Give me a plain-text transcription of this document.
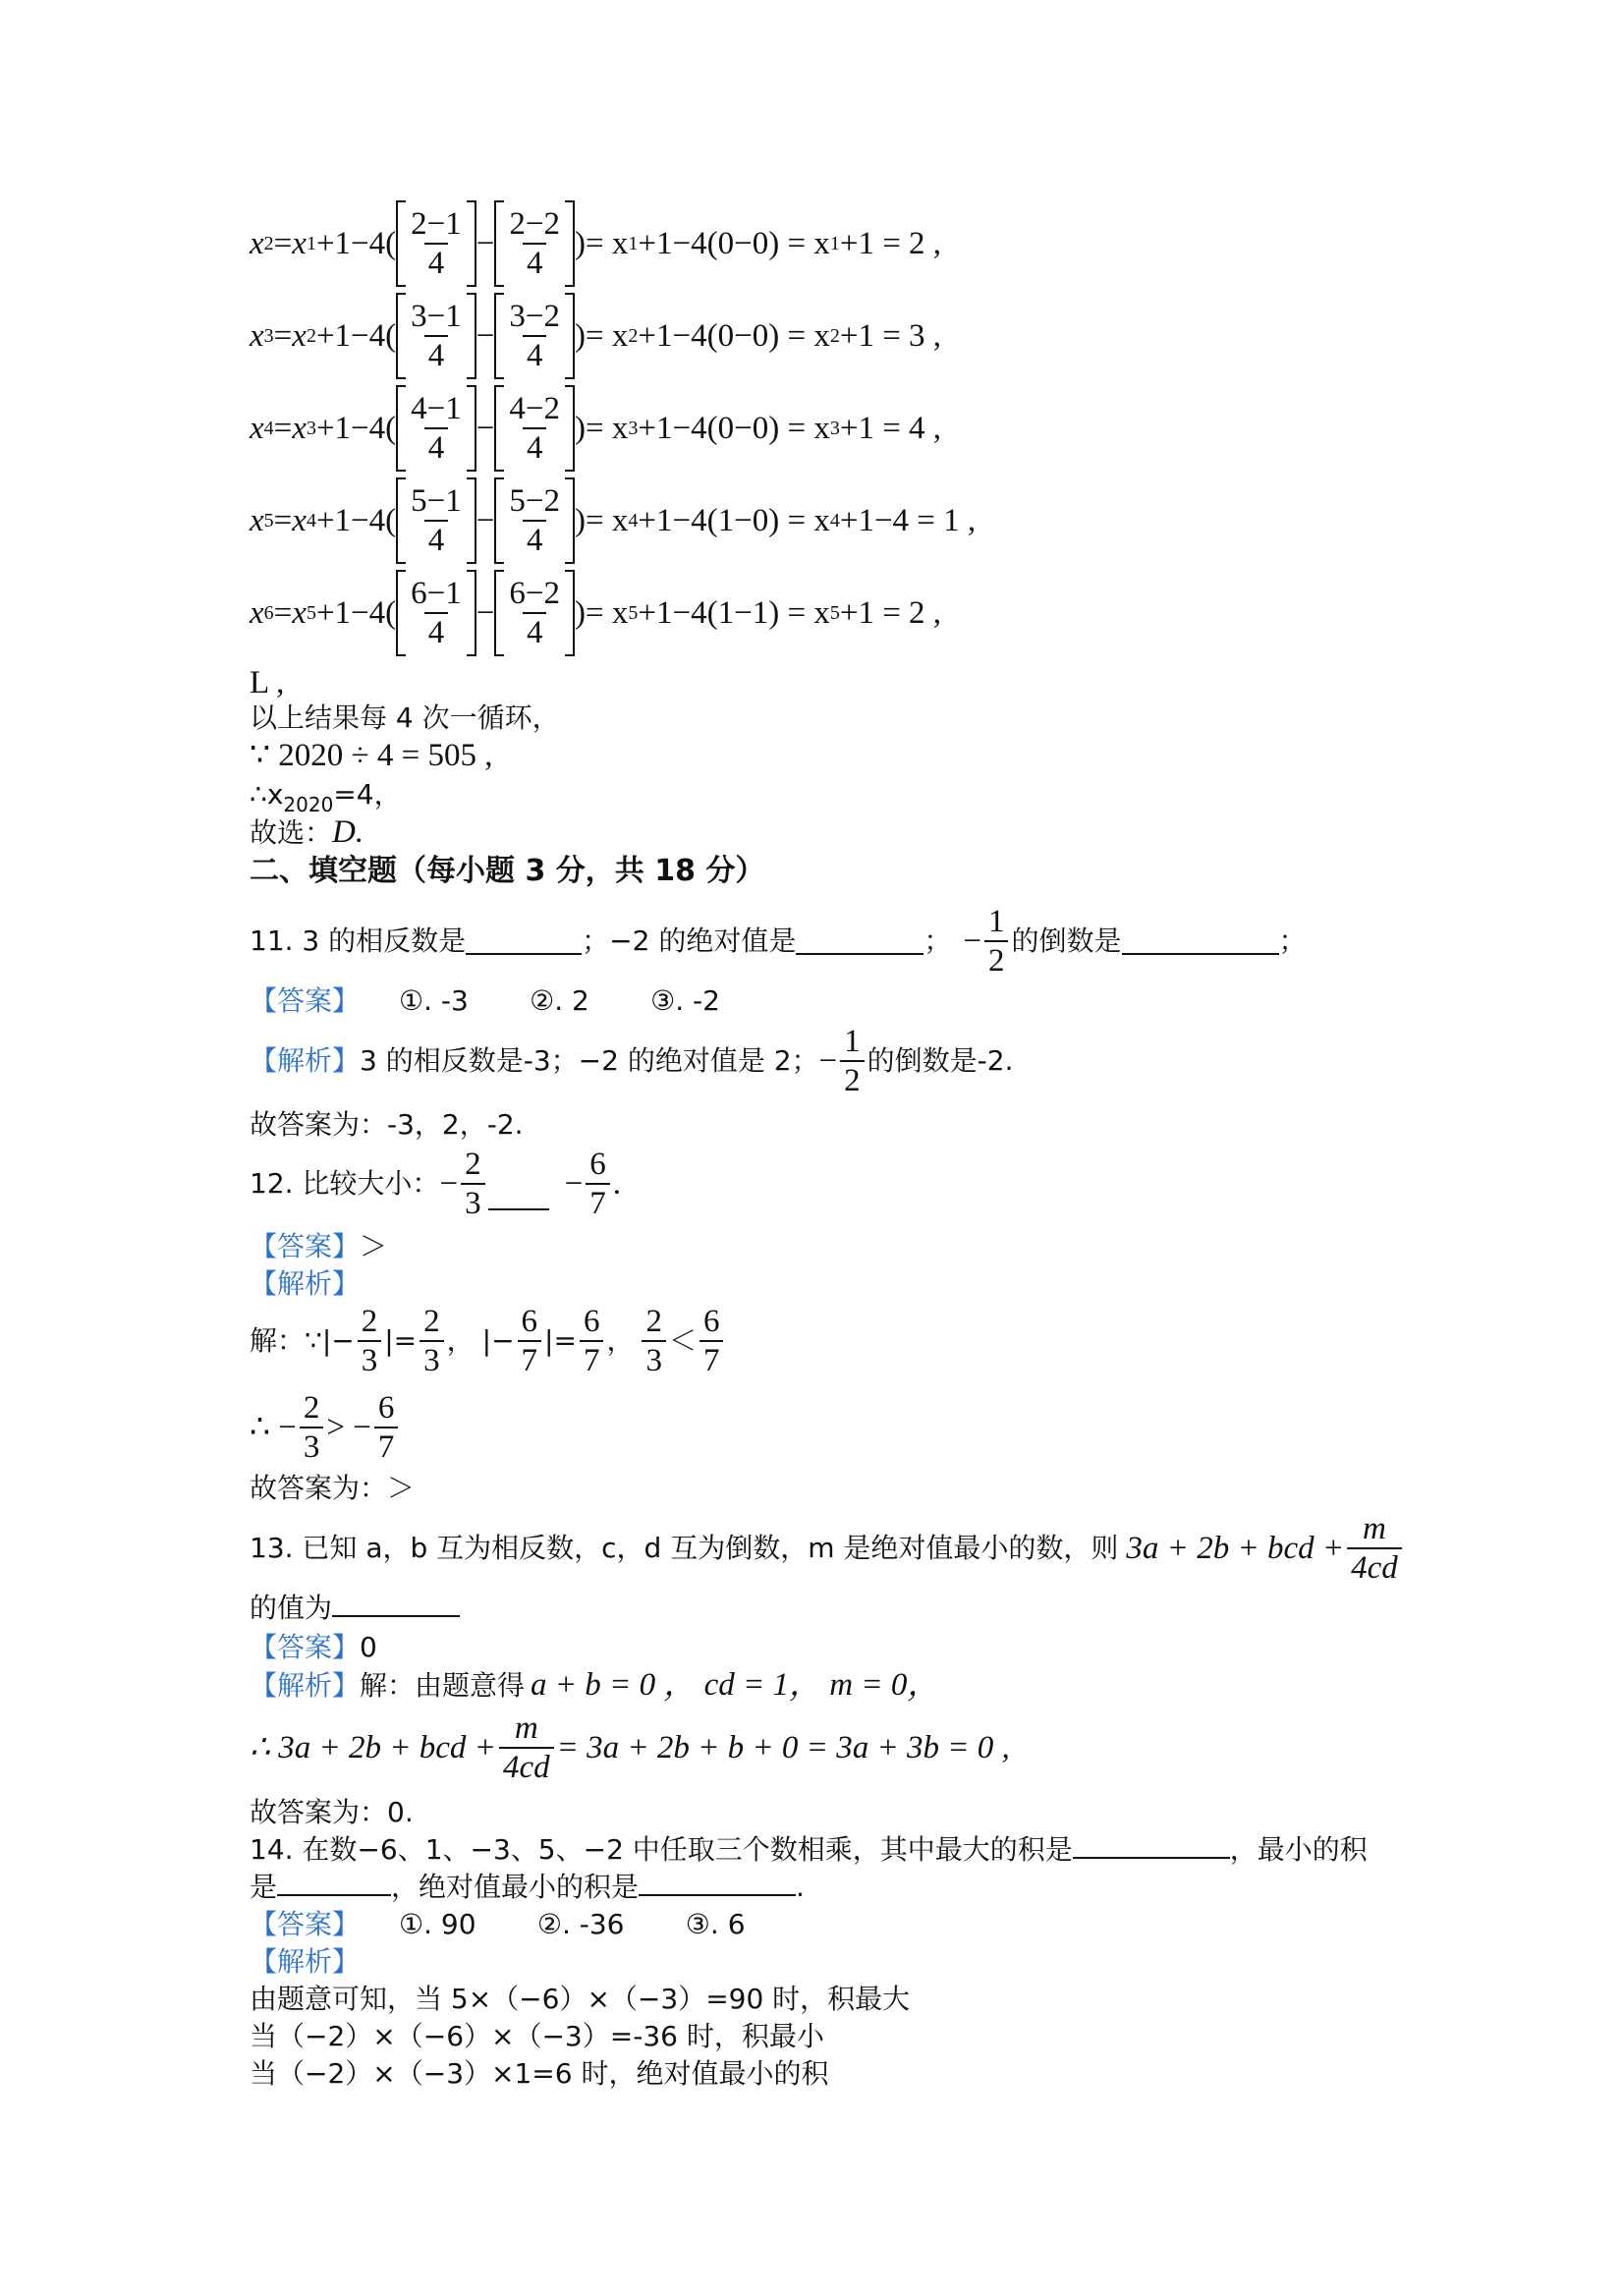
x 2 = x $1 +1-4( \frac{2-1}{4} - \frac{2-2}{4}$ ) = x 1 +1−4(0−0) = x 1 +1 = 2 ,
x 3 = x $2 +1-4( \frac{3-1}{4} - \frac{3-2}{4}$ ) = x 2 +1−4(0−0) = x 2 +1 = 3 ,
x 4 = x $3 +1-4( \frac{4-1}{4} - \frac{4-2}{4}$ ) = x 3 +1−4(0−0) = x 3 +1 = 4 ,
x 5 = x $4 +1-4( \frac{5-1}{4} - \frac{5-2}{4}$ ) = x 4 +1−4(1−0) = x 4 +1−4 = 1 ,
x 6 = x $5 +1-4( \frac{6-1}{4} - \frac{6-2}{4}$ ) = x 5 +1−4(1−1) = x 5 +1 = 2 ,
L ,
以上结果每 4 次一循环，
∵ 2020 ÷ 4 = 505 ,
$\therefore x_{2020}=4$，
故选：D.
二、填空题（每小题 3 分，共 18 分）
11. 3 的相反数是	；−2 的绝对值是	； − $\frac{1}{2}$ 的倒数是	；
【答案】 ①. -3       ②. 2       ③. -2
【解析】 3 的相反数是-3；−2 的绝对值是 2； − $\frac{1}{2}$ 的倒数是-2.
故答案为：-3，2，-2.
12. 比较大小： − $\frac{2}{3} - \frac{6}{7}$ .
【答案】＞
【解析】
解：∵|− $\frac{2}{3}$ |= $\frac{2}{3}$ ， |− $\frac{6}{7}$ |= $\frac{6}{7}$ ， $\frac{2}{3} < \frac{6}{7}$
∴ − $\frac{2}{3}$ > − $\frac{6}{7}$
故答案为：＞
13. 已知 a，b 互为相反数，c，d 互为倒数，m 是绝对值最小的数，则 3a + 2b + bcd + $\frac{m}{4cd}$
的值为
【答案】0
【解析】解：由题意得 a + b = 0 ， cd = 1， m = 0，
∴ 3a + 2b + bcd + $\frac{m}{4cd} = 3a + 2b + b + 0 = 3a + 3b = 0$ ,
故答案为：0.
14. 在数−6、1、−3、5、−2 中任取三个数相乘，其中最大的积是	，最小的积
是	，绝对值最小的积是	.
【答案】 ①. 90       ②. -36       ③. 6
【解析】
由题意可知，当 5×（−6）×（−3）=90 时，积最大
当（−2）×（−6）×（−3）=-36 时，积最小
当（−2）×（−3）×1=6 时，绝对值最小的积
